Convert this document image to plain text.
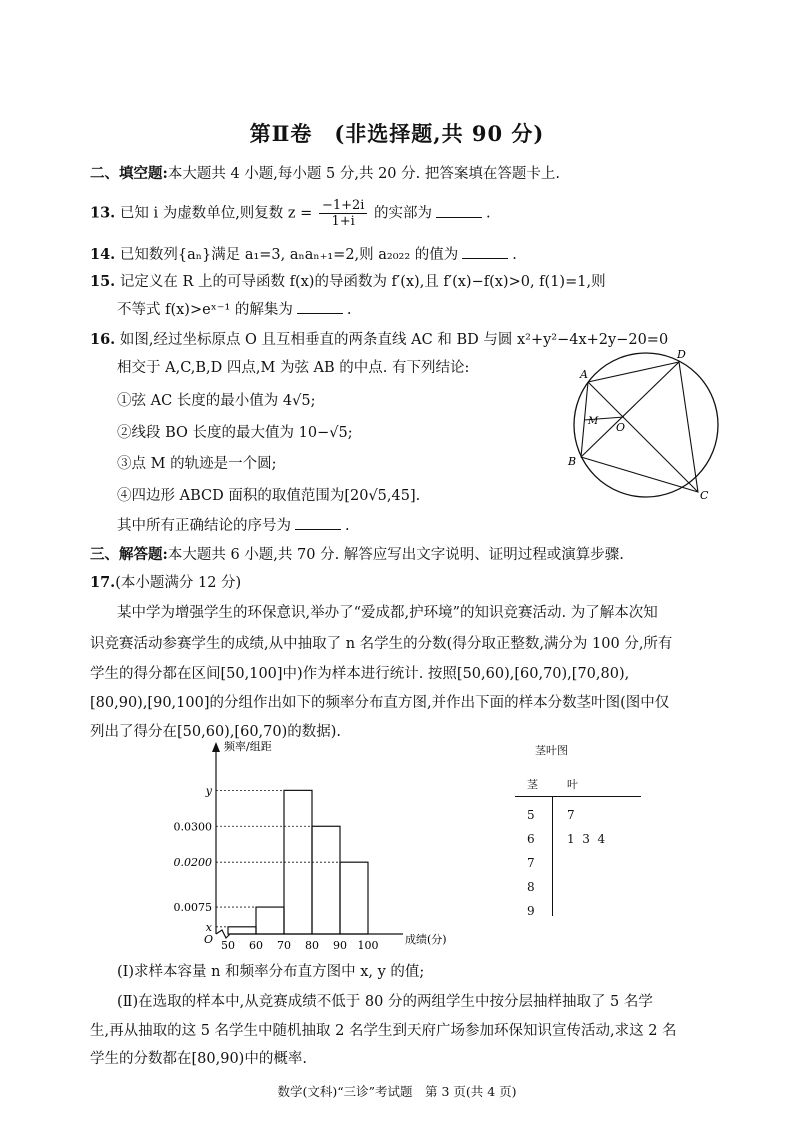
第Ⅱ卷　(非选择题,共 90 分)
二、填空题:本大题共 4 小题,每小题 5 分,共 20 分. 把答案填在答题卡上.
13. 已知 i 为虚数单位,则复数 $z = \frac{-1+2i}{1+i}$ 的实部为	.
14. 已知数列{aₙ}满足 a₁=3, aₙaₙ₊₁=2,则 a₂₀₂₂ 的值为	.
15. 记定义在 R 上的可导函数 f(x)的导函数为 f′(x),且 f′(x)−f(x)>0, f(1)=1,则
不等式 f(x)>eˣ⁻¹ 的解集为	.
16. 如图,经过坐标原点 O 且互相垂直的两条直线 AC 和 BD 与圆 x²+y²−4x+2y−20=0
相交于 A,C,B,D 四点,M 为弦 AB 的中点. 有下列结论:
①弦 AC 长度的最小值为 4√5;
②线段 BO 长度的最大值为 10−√5;
③点 M 的轨迹是一个圆;
④四边形 ABCD 面积的取值范围为[20√5,45].
其中所有正确结论的序号为	.
A
B
C
D
M O
三、解答题:本大题共 6 小题,共 70 分. 解答应写出文字说明、证明过程或演算步骤.
17.(本小题满分 12 分)
某中学为增强学生的环保意识,举办了“爱成都,护环境”的知识竞赛活动. 为了解本次知
识竞赛活动参赛学生的成绩,从中抽取了 n 名学生的分数(得分取正整数,满分为 100 分,所有
学生的得分都在区间[50,100]中)作为样本进行统计. 按照[50,60),[60,70),[70,80),
[80,90),[90,100]的分组作出如下的频率分布直方图,并作出下面的样本分数茎叶图(图中仅
列出了得分在[50,60),[60,70)的数据).
频率/组距
成绩(分)
O
x
0.0075
y
0.0300
0.0200
50 60 70 80 90 100
茎叶图
茎	叶
5	7
6	1  3  4
7
8
9
(Ⅰ)求样本容量 n 和频率分布直方图中 x, y 的值;
(Ⅱ)在选取的样本中,从竞赛成绩不低于 80 分的两组学生中按分层抽样抽取了 5 名学
生,再从抽取的这 5 名学生中随机抽取 2 名学生到天府广场参加环保知识宣传活动,求这 2 名
学生的分数都在[80,90)中的概率.
数学(文科)“三诊”考试题　第 3 页(共 4 页)
